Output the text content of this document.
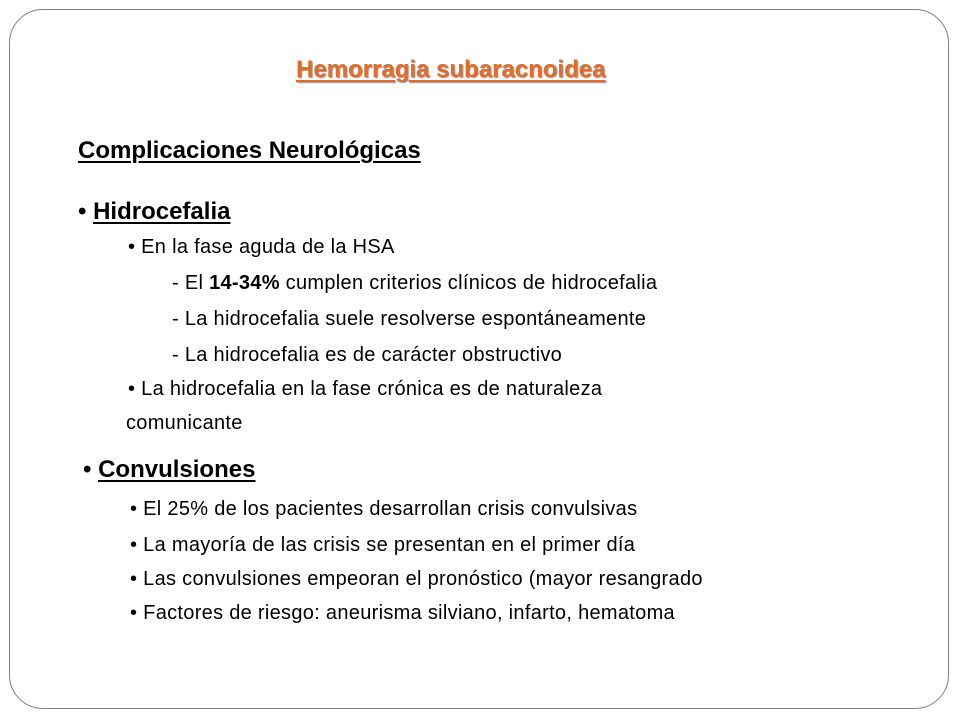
Hemorragia subaracnoidea
Complicaciones Neurológicas
• Hidrocefalia
• En la fase aguda de la HSA
- El 14-34% cumplen criterios clínicos de hidrocefalia
- La hidrocefalia suele resolverse espontáneamente
- La hidrocefalia es de carácter obstructivo
• La hidrocefalia en la fase crónica es de naturaleza
comunicante
• Convulsiones
• El 25% de los pacientes desarrollan crisis convulsivas
• La mayoría de las crisis se presentan en el primer día
• Las convulsiones empeoran el pronóstico (mayor resangrado
• Factores de riesgo: aneurisma silviano, infarto, hematoma
